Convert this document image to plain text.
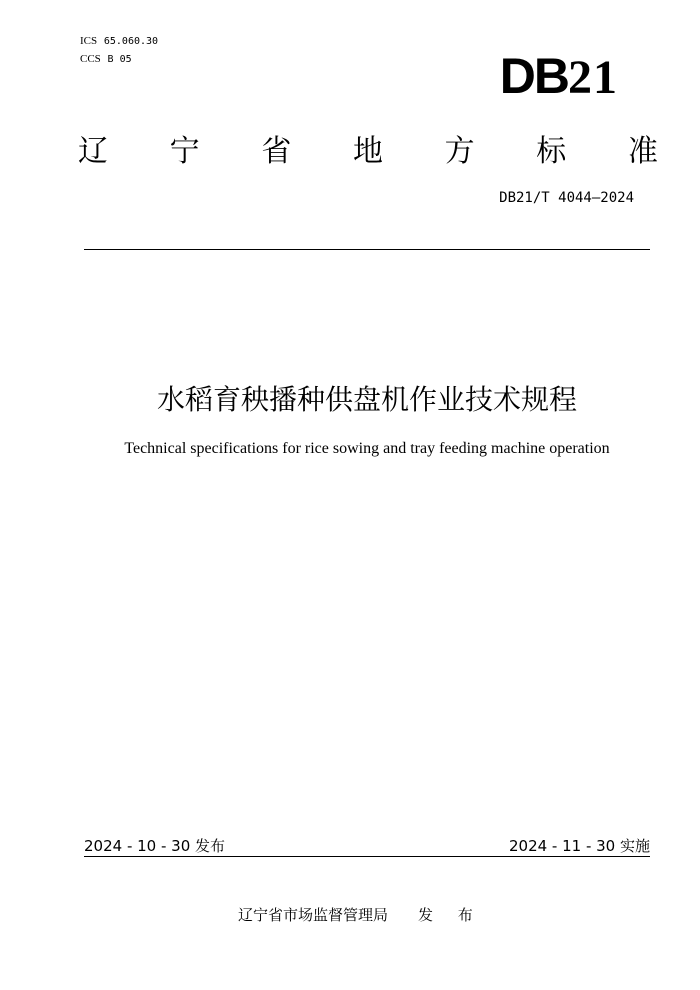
ICS 65.060.30
CCS B 05	DB21
辽 宁 省 地 方 标 准
DB21/T 4044—2024
水稻育秧播种供盘机作业技术规程
Technical specifications for rice sowing and tray feeding machine operation
2024 - 10 - 30 发布	2024 - 11 - 30 实施
辽宁省市场监督管理局 发 布
